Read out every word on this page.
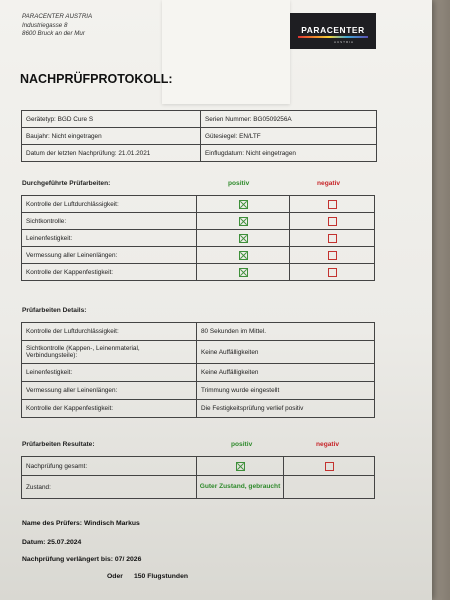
PARACENTER AUSTRIA
Industriegasse 8
8600 Bruck an der Mur	PARACENTER
AUSTRIA
NACHPRÜFPROTOKOLL:
Gerätetyp: BGD Cure S	Serien Nummer: BG0509256A
Baujahr: Nicht eingetragen	Gütesiegel: EN/LTF
Datum der letzten Nachprüfung: 21.01.2021	Einflugdatum: Nicht eingetragen
Durchgeführte Prüfarbeiten:	positiv	negativ
Kontrolle der Luftdurchlässigkeit:		
Sichtkontrolle:		
Leinenfestigkeit:		
Vermessung aller Leinenlängen:		
Kontrolle der Kappenfestigkeit:		
Prüfarbeiten Details:
Kontrolle der Luftdurchlässigkeit:	80 Sekunden im Mittel.
Sichtkontrolle (Kappen-, Leinenmaterial, Verbindungsteile):	Keine Auffälligkeiten
Leinenfestigkeit:	Keine Auffälligkeiten
Vermessung aller Leinenlängen:	Trimmung wurde eingestellt
Kontrolle der Kappenfestigkeit:	Die Festigkeitsprüfung verlief positiv
Prüfarbeiten Resultate:	positiv	negativ
Nachprüfung gesamt:		
Zustand:	Guter Zustand, gebraucht	

Name des Prüfers: Windisch Markus
Datum: 25.07.2024
Nachprüfung verlängert bis: 07/ 2026
Oder 150 Flugstunden
